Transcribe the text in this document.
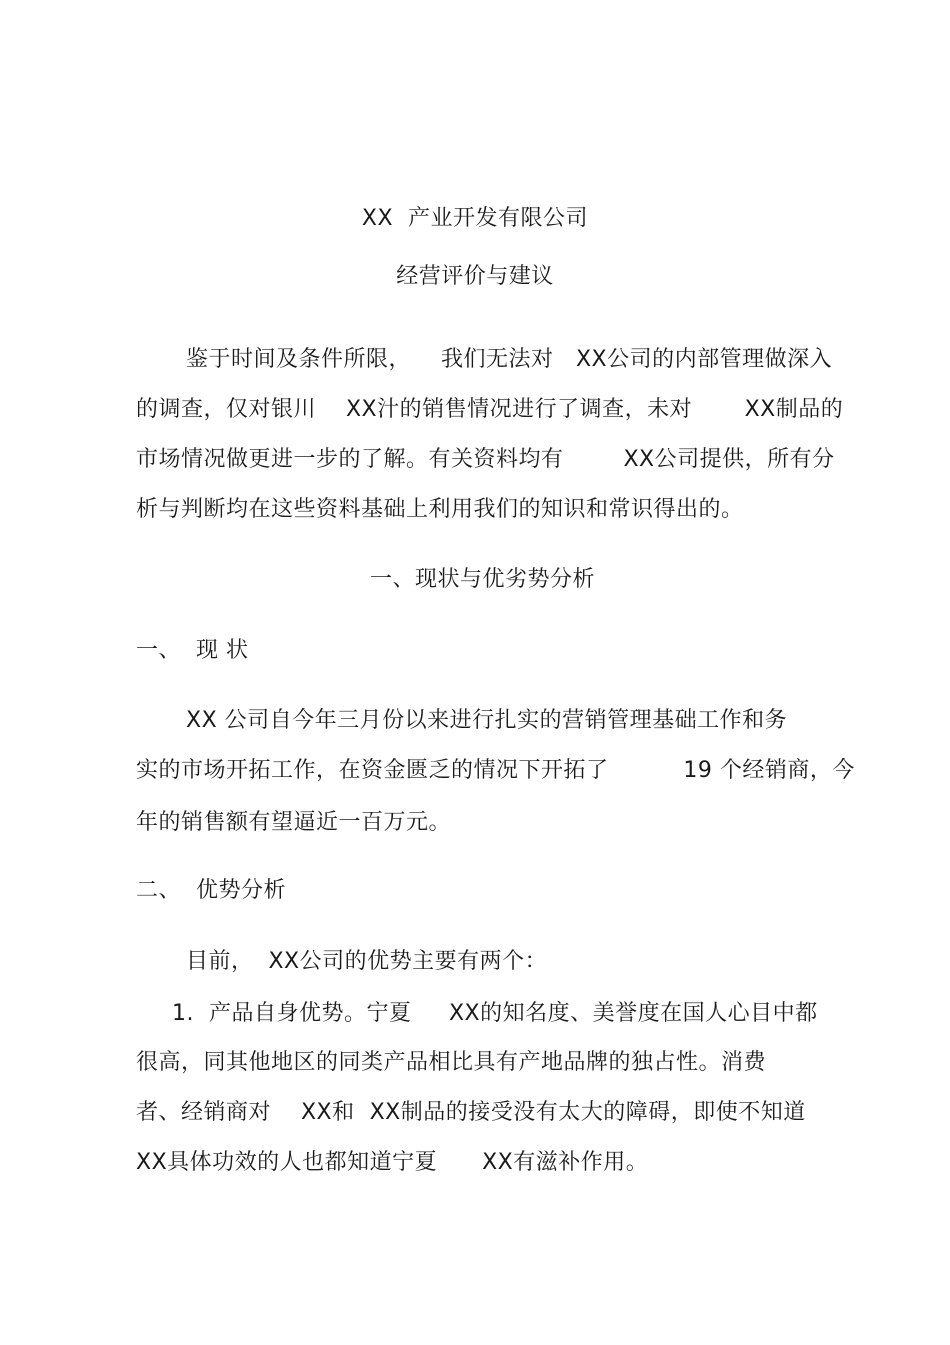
XX  产业开发有限公司
经营评价与建议
鉴于时间及条件所限，    我们无法对   XX公司的内部管理做深入
的调查，仅对银川    XX汁的销售情况进行了调查，未对       XX制品的
市场情况做更进一步的了解。有关资料均有        XX公司提供，所有分
析与判断均在这些资料基础上利用我们的知识和常识得出的。
一、现状与优劣势分析
一、  现 状
XX 公司自今年三月份以来进行扎实的营销管理基础工作和务
实的市场开拓工作，在资金匮乏的情况下开拓了          19 个经销商，今
年的销售额有望逼近一百万元。
二、  优势分析
目前，  XX公司的优势主要有两个：
1.  产品自身优势。宁夏     XX的知名度、美誉度在国人心目中都
很高，同其他地区的同类产品相比具有产地品牌的独占性。消费
者、经销商对    XX和  XX制品的接受没有太大的障碍，即使不知道
XX具体功效的人也都知道宁夏      XX有滋补作用。
